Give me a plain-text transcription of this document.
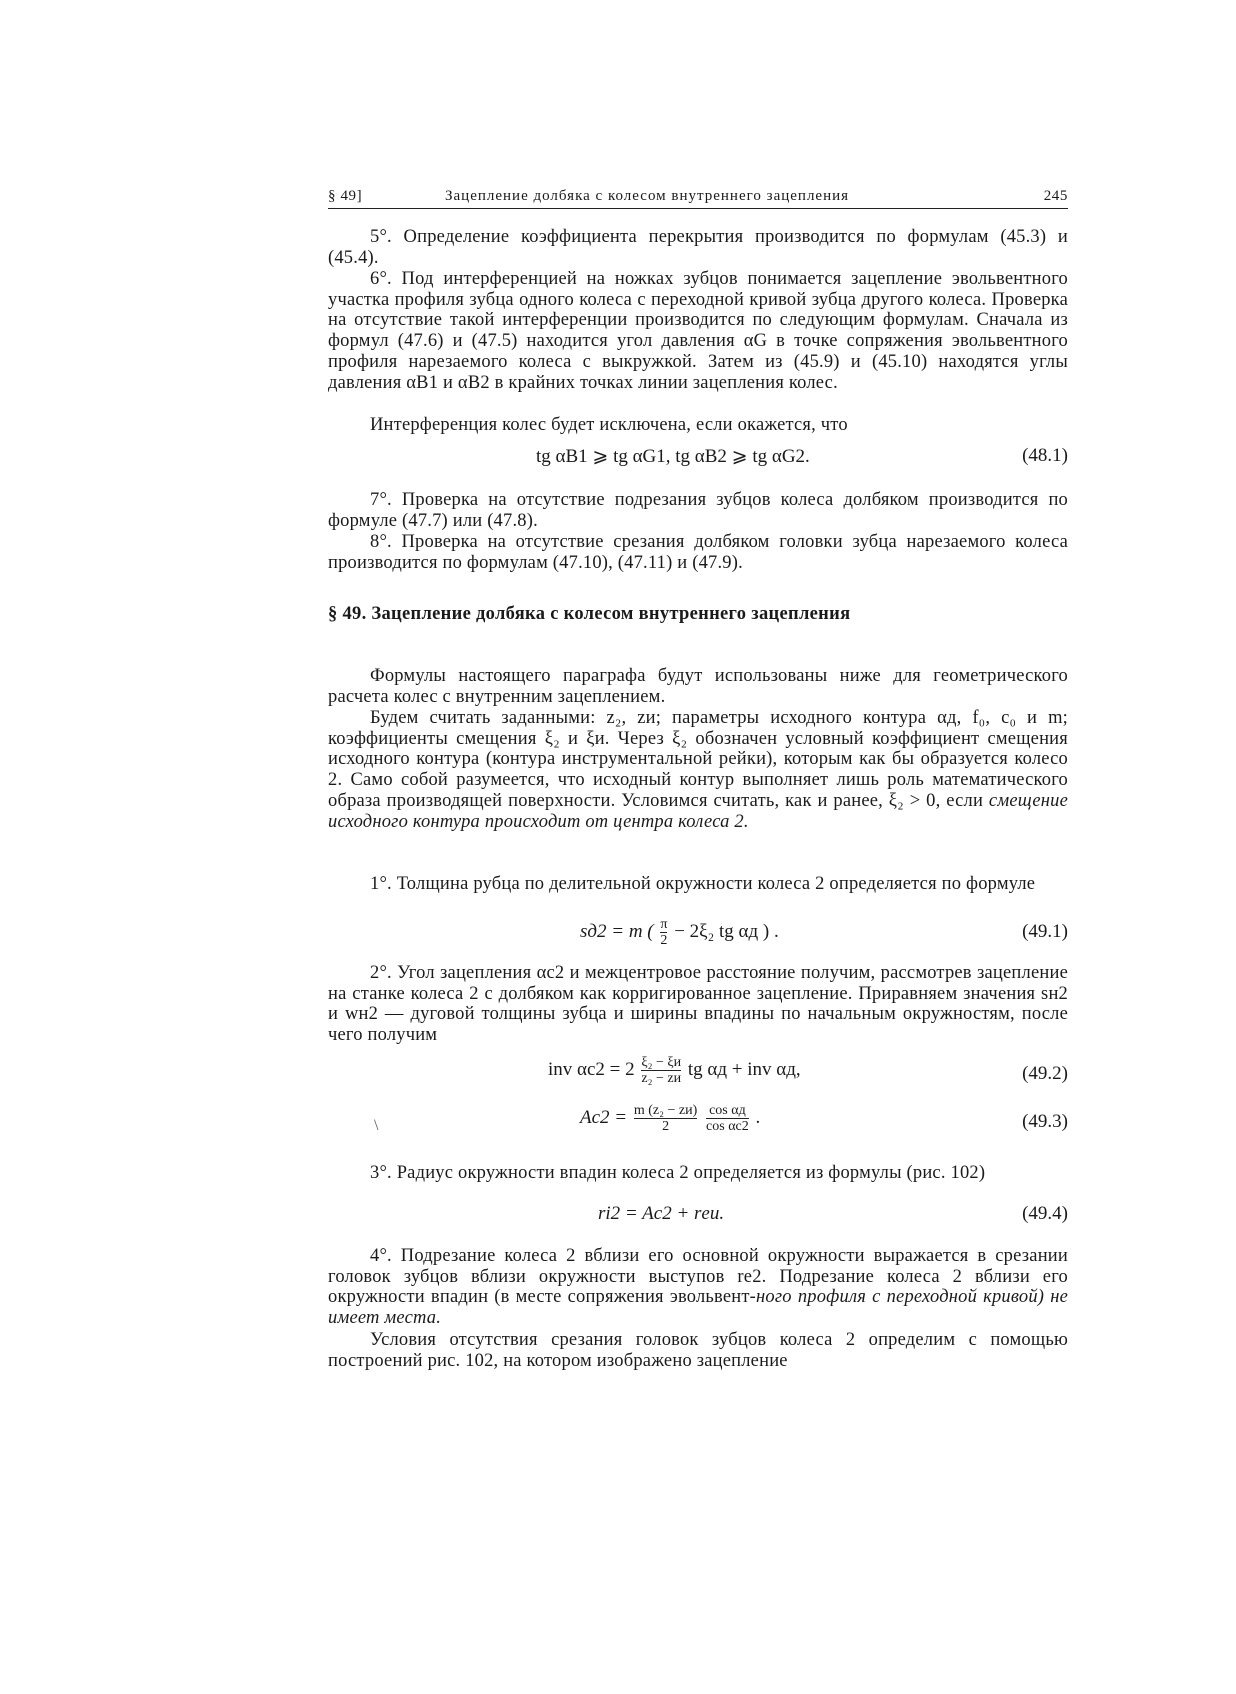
§ 49]	Зацепление долбяка с колесом внутреннего зацепления	245

5°. Определение коэффициента перекрытия производится по формулам (45.3) и (45.4).

6°. Под интерференцией на ножках зубцов понимается зацепление эвольвентного участка профиля зубца одного колеса с переходной кривой зубца другого колеса. Проверка на отсутствие такой интерференции производится по следующим формулам. Сначала из формул (47.6) и (47.5) находится угол давления αG в точке сопряжения эвольвентного профиля нарезаемого колеса с выкружкой. Затем из (45.9) и (45.10) находятся углы давления αB1 и αB2 в крайних точках линии зацепления колес.

Интерференция колес будет исключена, если окажется, что

tg αB1 ⩾ tg αG1, tg αB2 ⩾ tg αG2.	(48.1)

7°. Проверка на отсутствие подрезания зубцов колеса долбяком производится по формуле (47.7) или (47.8).

8°. Проверка на отсутствие срезания долбяком головки зубца нарезаемого колеса производится по формулам (47.10), (47.11) и (47.9).

§ 49. Зацепление долбяка с колесом внутреннего зацепления

Формулы настоящего параграфа будут использованы ниже для геометрического расчета колес с внутренним зацеплением.

Будем считать заданными: z₂, zи; параметры исходного контура αд, f₀, c₀ и m; коэффициенты смещения ξ₂ и ξи. Через ξ₂ обозначен условный коэффициент смещения исходного контура (контура инструментальной рейки), которым как бы образуется колесо 2. Само собой разумеется, что исходный контур выполняет лишь роль математического образа производящей поверхности. Условимся считать, как и ранее, ξ₂ > 0, если смещение исходного контура происходит от центра колеса 2.

1°. Толщина рубца по делительной окружности колеса 2 определяется по формуле

sд2 = m ( $\frac{\pi}{2} - 2\xi_2$ tg αд ) .	(49.1)

2°. Угол зацепления αc2 и межцентровое расстояние получим, рассмотрев зацепление на станке колеса 2 с долбяком как корригированное зацепление. Приравняем значения sн2 и wн2 — дуговой толщины зубца и ширины впадины по начальным окружностям, после чего получим

inv $\alpha c2 = 2 \frac{\text{ξ₂ − ξи}}{\text{z₂ − zи}}$ tg αд + inv αд,	(49.2)
\	$Ac2 = \frac{\text{m (z₂ − zи)}}{2}$
$\frac{\text{cos αд}}{\text{cos αc2}}$ .	(49.3)

3°. Радиус окружности впадин колеса 2 определяется из формулы (рис. 102)

ri2 = Ac2 + rеи.	(49.4)

4°. Подрезание колеса 2 вблизи его основной окружности выражается в срезании головок зубцов вблизи окружности выступов re2. Подрезание колеса 2 вблизи его окружности впадин (в месте сопряжения эвольвент-ного профиля с переходной кривой) не имеет места.

Условия отсутствия срезания головок зубцов колеса 2 определим с помощью построений рис. 102, на котором изображено зацепление
